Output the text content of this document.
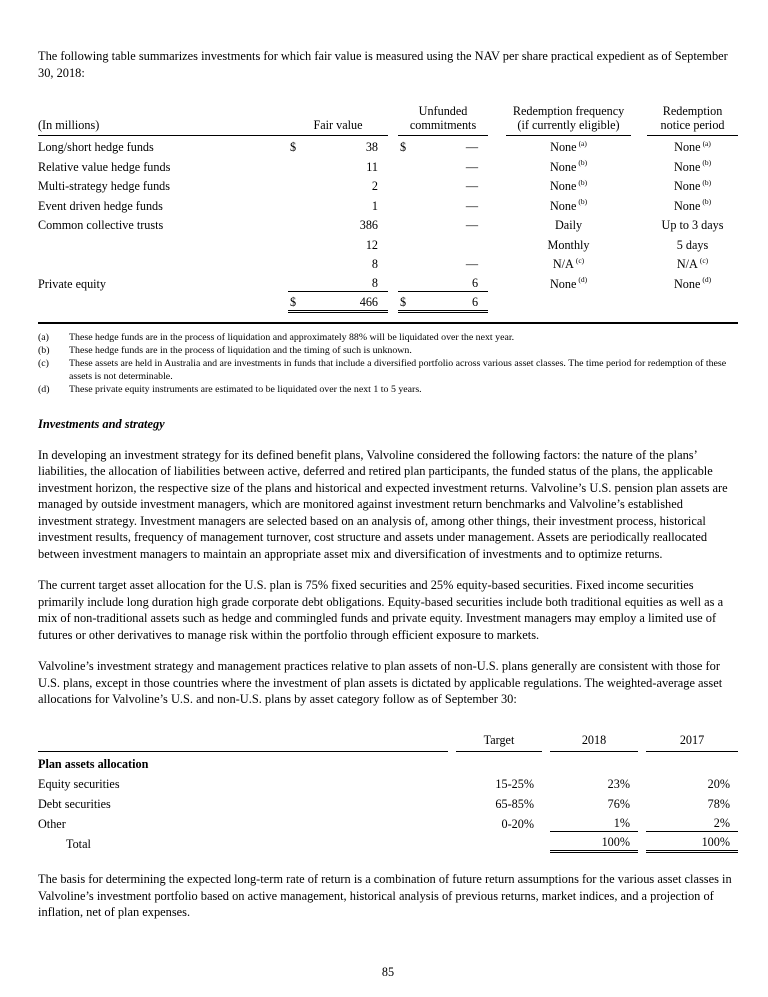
The following table summarizes investments for which fair value is measured using the NAV per share practical expedient as of September 30, 2018:

(In millions)	Fair value			Unfunded commitments			Redemption frequency (if currently eligible)		Redemption notice period
Long/short hedge funds	$	38		$	—		None $^{(a)}$		None $^{(a)}$
Relative value hedge funds		11			—		None $^{(b)}$		None $^{(b)}$
Multi-strategy hedge funds		2			—		None $^{(b)}$		None $^{(b)}$
Event driven hedge funds		1			—		None $^{(b)}$		None $^{(b)}$
Common collective trusts		386			—		Daily		Up to 3 days
		12					Monthly		5 days
		8			—		N/A $^{(c)}$		N/A $^{(c)}$
Private equity		8			6		None $^{(d)}$		None $^{(d)}$
	$	466		$	6				
(a)	These hedge funds are in the process of liquidation and approximately 88% will be liquidated over the next year.
(b)	These hedge funds are in the process of liquidation and the timing of such is unknown.
(c)	These assets are held in Australia and are investments in funds that include a diversified portfolio across various asset classes. The time period for redemption of these assets is not determinable.
(d)	These private equity instruments are estimated to be liquidated over the next 1 to 5 years.
Investments and strategy

In developing an investment strategy for its defined benefit plans, Valvoline considered the following factors: the nature of the plans’ liabilities, the allocation of liabilities between active, deferred and retired plan participants, the funded status of the plans, the applicable investment horizon, the respective size of the plans and historical and expected investment returns. Valvoline’s U.S. pension plan assets are managed by outside investment managers, which are monitored against investment return benchmarks and Valvoline’s established investment strategy. Investment managers are selected based on an analysis of, among other things, their investment process, historical investment results, frequency of management turnover, cost structure and assets under management. Assets are periodically reallocated between investment managers to maintain an appropriate asset mix and diversification of investments and to optimize returns.

The current target asset allocation for the U.S. plan is 75% fixed securities and 25% equity-based securities. Fixed income securities primarily include long duration high grade corporate debt obligations. Equity-based securities include both traditional equities as well as a mix of non-traditional assets such as hedge and commingled funds and private equity. Investment managers may employ a limited use of futures or other derivatives to manage risk within the portfolio through efficient exposure to markets.

Valvoline’s investment strategy and management practices relative to plan assets of non-U.S. plans generally are consistent with those for U.S. plans, except in those countries where the investment of plan assets is dictated by applicable regulations. The weighted-average asset allocations for Valvoline’s U.S. and non-U.S. plans by asset category follow as of September 30:

		Target		2018		2017
Plan assets allocation						
Equity securities		15-25%		23%		20%
Debt securities		65-85%		76%		78%
Other		0-20%		1%		2%
Total				100%		100%

The basis for determining the expected long-term rate of return is a combination of future return assumptions for the various asset classes in Valvoline’s investment portfolio based on active management, historical analysis of previous returns, market indices, and a projection of inflation, net of plan expenses.

85
